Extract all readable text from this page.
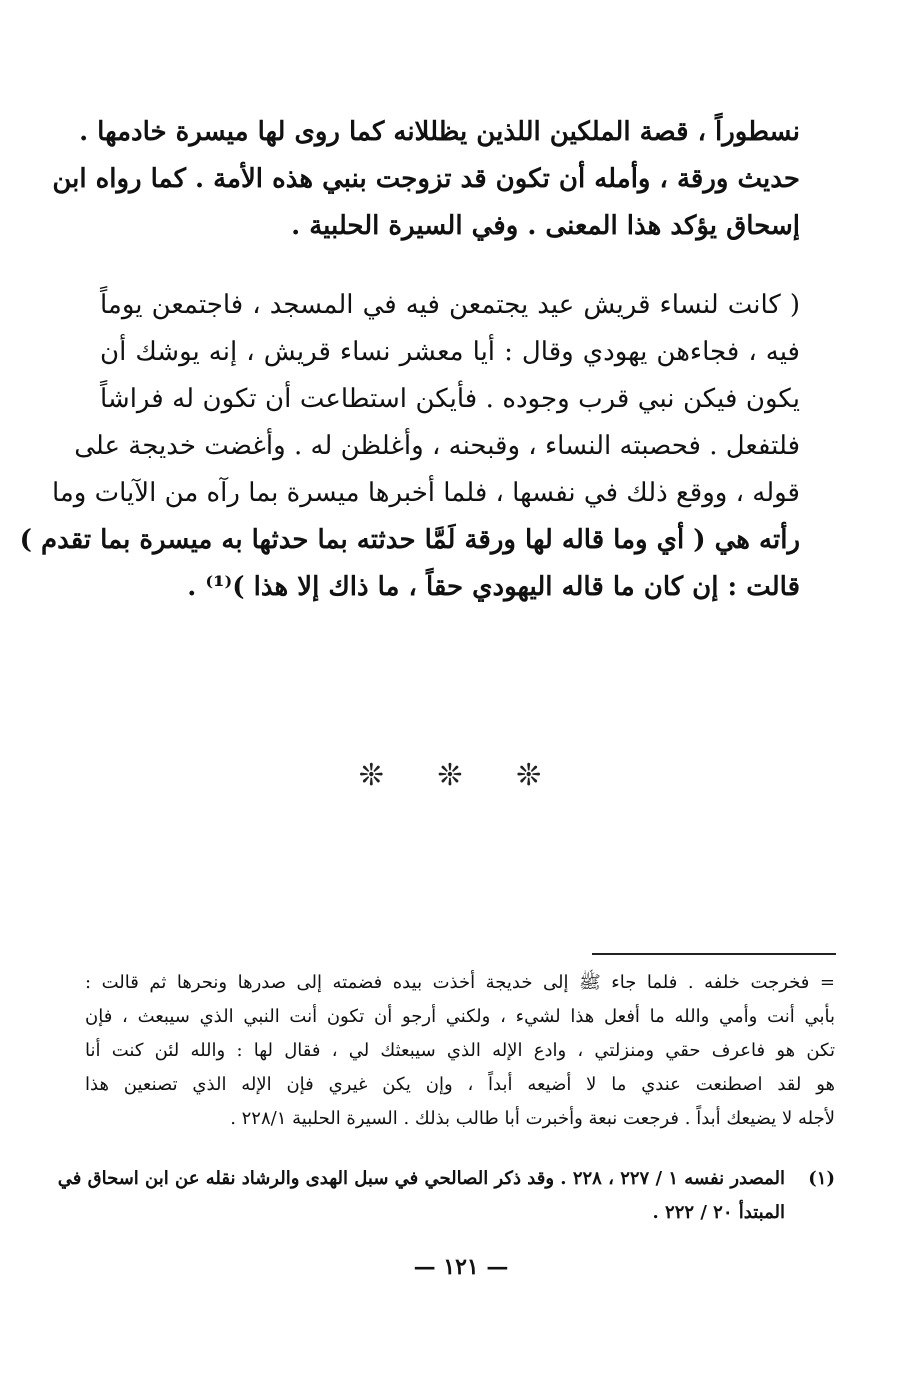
نسطوراً ، قصة الملكين اللذين يظللانه كما روى لها ميسرة خادمها .
حديث ورقة ، وأمله أن تكون قد تزوجت بنبي هذه الأمة . كما رواه ابن
إسحاق يؤكد هذا المعنى . وفي السيرة الحلبية .
( كانت لنساء قريش عيد يجتمعن فيه في المسجد ، فاجتمعن يوماً
فيه ، فجاءهن يهودي وقال : أيا معشر نساء قريش ، إنه يوشك أن
يكون فيكن نبي قرب وجوده . فأيكن استطاعت أن تكون له فراشاً
فلتفعل . فحصبته النساء ، وقبحنه ، وأغلظن له . وأغضت خديجة على
قوله ، ووقع ذلك في نفسها ، فلما أخبرها ميسرة بما رآه من الآيات وما
رأته هي ( أي وما قاله لها ورقة لَمَّا حدثته بما حدثها به ميسرة بما تقدم )
قالت : إن كان ما قاله اليهودي حقاً ، ما ذاك إلا هذا )⁽¹⁾ .
❊ ❊ ❊
= فخرجت خلفه . فلما جاء ﷺ إلى خديجة أخذت بيده فضمته إلى صدرها ونحرها ثم قالت :
بأبي أنت وأمي والله ما أفعل هذا لشيء ، ولكني أرجو أن تكون أنت النبي الذي سيبعث ، فإن
تكن هو فاعرف حقي ومنزلتي ، وادع الإله الذي سيبعثك لي ، فقال لها : والله لئن كنت أنا
هو لقد اصطنعت عندي ما لا أضيعه أبداً ، وإن يكن غيري فإن الإله الذي تصنعين هذا
لأجله لا يضيعك أبداً . فرجعت نبعة وأخبرت أبا طالب بذلك . السيرة الحلبية ٢٢٨/١ .
(١)
المصدر نفسه ١ / ٢٢٧ ، ٢٢٨ . وقد ذكر الصالحي في سبل الهدى والرشاد نقله عن ابن اسحاق في
المبتدأ ٢٠ / ٢٢٢ .
— ١٢١ —
